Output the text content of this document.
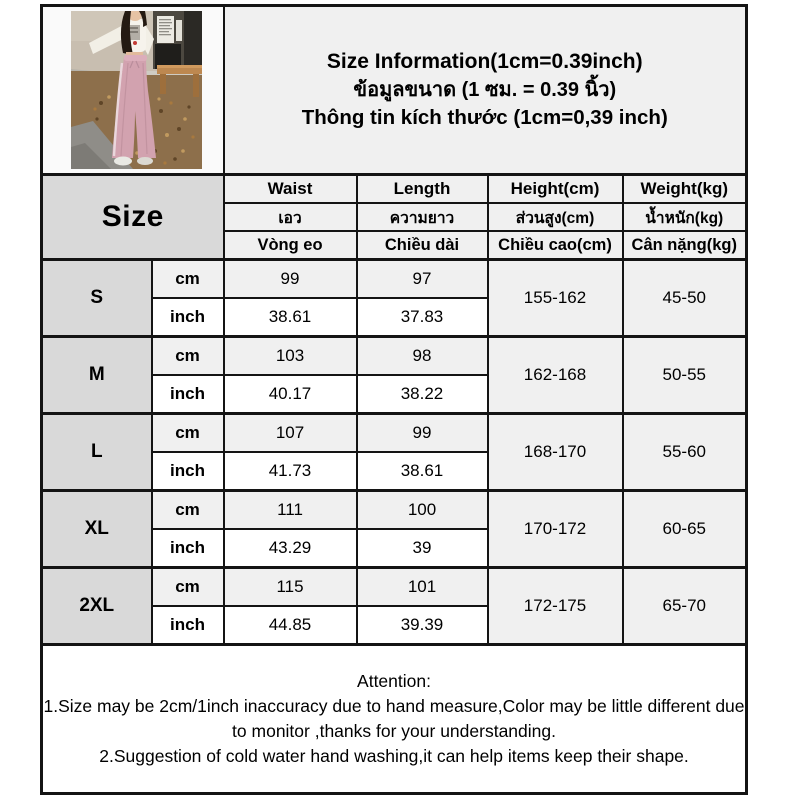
Size Information(1cm=0.39inch)
ข้อมูลขนาด (1 ซม. = 0.39 นิ้ว)
Thông tin kích thước (1cm=0,39 inch)			

Size		Waist	Length	Height(cm)	Weight(kg)
		เอว	ความยาว	ส่วนสูง(cm)	น้ำหนัก(kg)
		Vòng eo	Chiều dài	Chiều cao(cm)	Cân nặng(kg)
S	cm	99	97	155-162	45-50
	inch	38.61	37.83		
M	cm	103	98	162-168	50-55
	inch	40.17	38.22		
L	cm	107	99	168-170	55-60
	inch	41.73	38.61		
XL	cm	111	100	170-172	60-65
	inch	43.29	39		
2XL	cm	115	101	172-175	65-70
	inch	44.85	39.39		

Attention:

1.Size may be 2cm/1inch inaccuracy due to hand measure,Color may be little different due to monitor ,thanks for your understanding.

2.Suggestion of cold water hand washing,it can help items keep their shape.					
